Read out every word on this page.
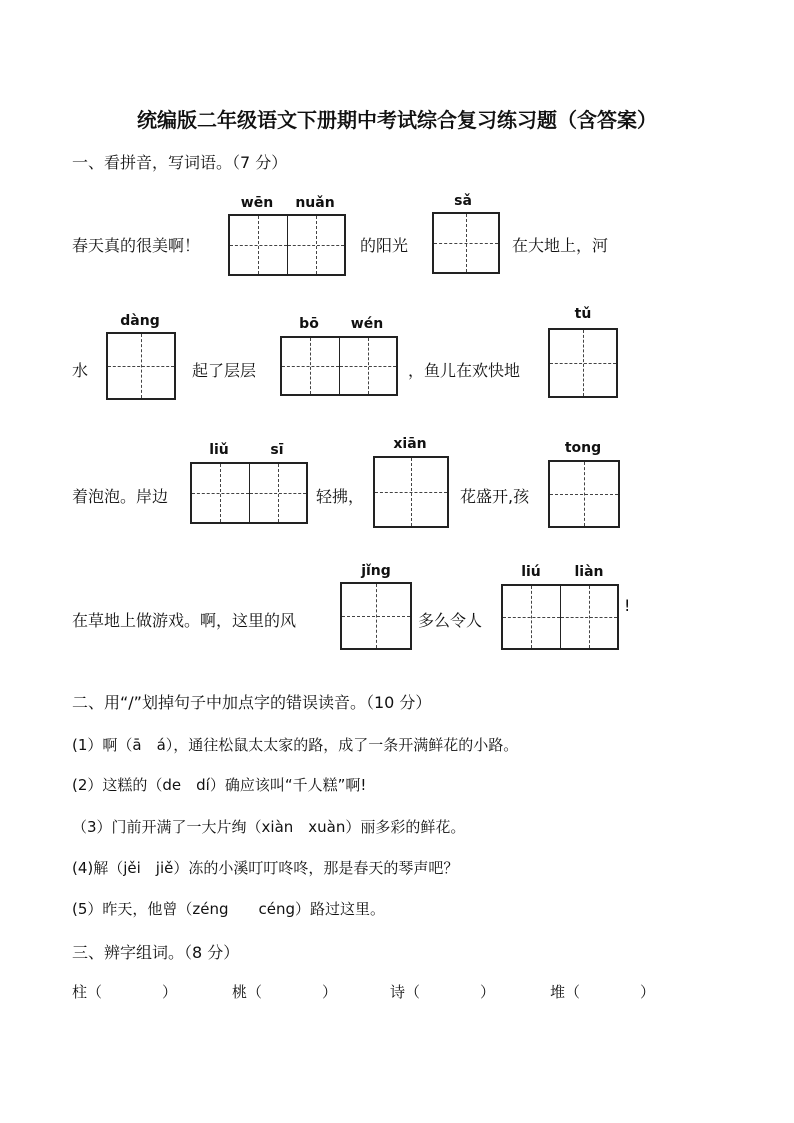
统编版二年级语文下册期中考试综合复习练习题（含答案）
一、看拼音，写词语。（7 分）
春天真的很美啊！
wēn	nuǎn
的阳光
sǎ
在大地上，河
水
dàng
起了层层
bō	wén
，鱼儿在欢快地
tǔ
着泡泡。岸边
liǔ	sī
轻拂，
xiān
花盛开,孩
tong
在草地上做游戏。啊，这里的风
jǐng
多么令人
liú	liàn
!
二、用“/”划掉句子中加点字的错误读音。（10 分）
(1）啊（ā　á），通往松鼠太太家的路，成了一条开满鲜花的小路。
(2）这糕的（de　dí）确应该叫“千人糕”啊!
（3）门前开满了一大片绚（xiàn　xuàn）丽多彩的鲜花。
(4)解（jěi　jiě）冻的小溪叮叮咚咚，那是春天的琴声吧？
(5）昨天，他曾（zéng　　céng）路过这里。
三、辨字组词。（8 分）
柱（　　　　）	桃（　　　　）	诗（　　　　）	堆（　　　　）
